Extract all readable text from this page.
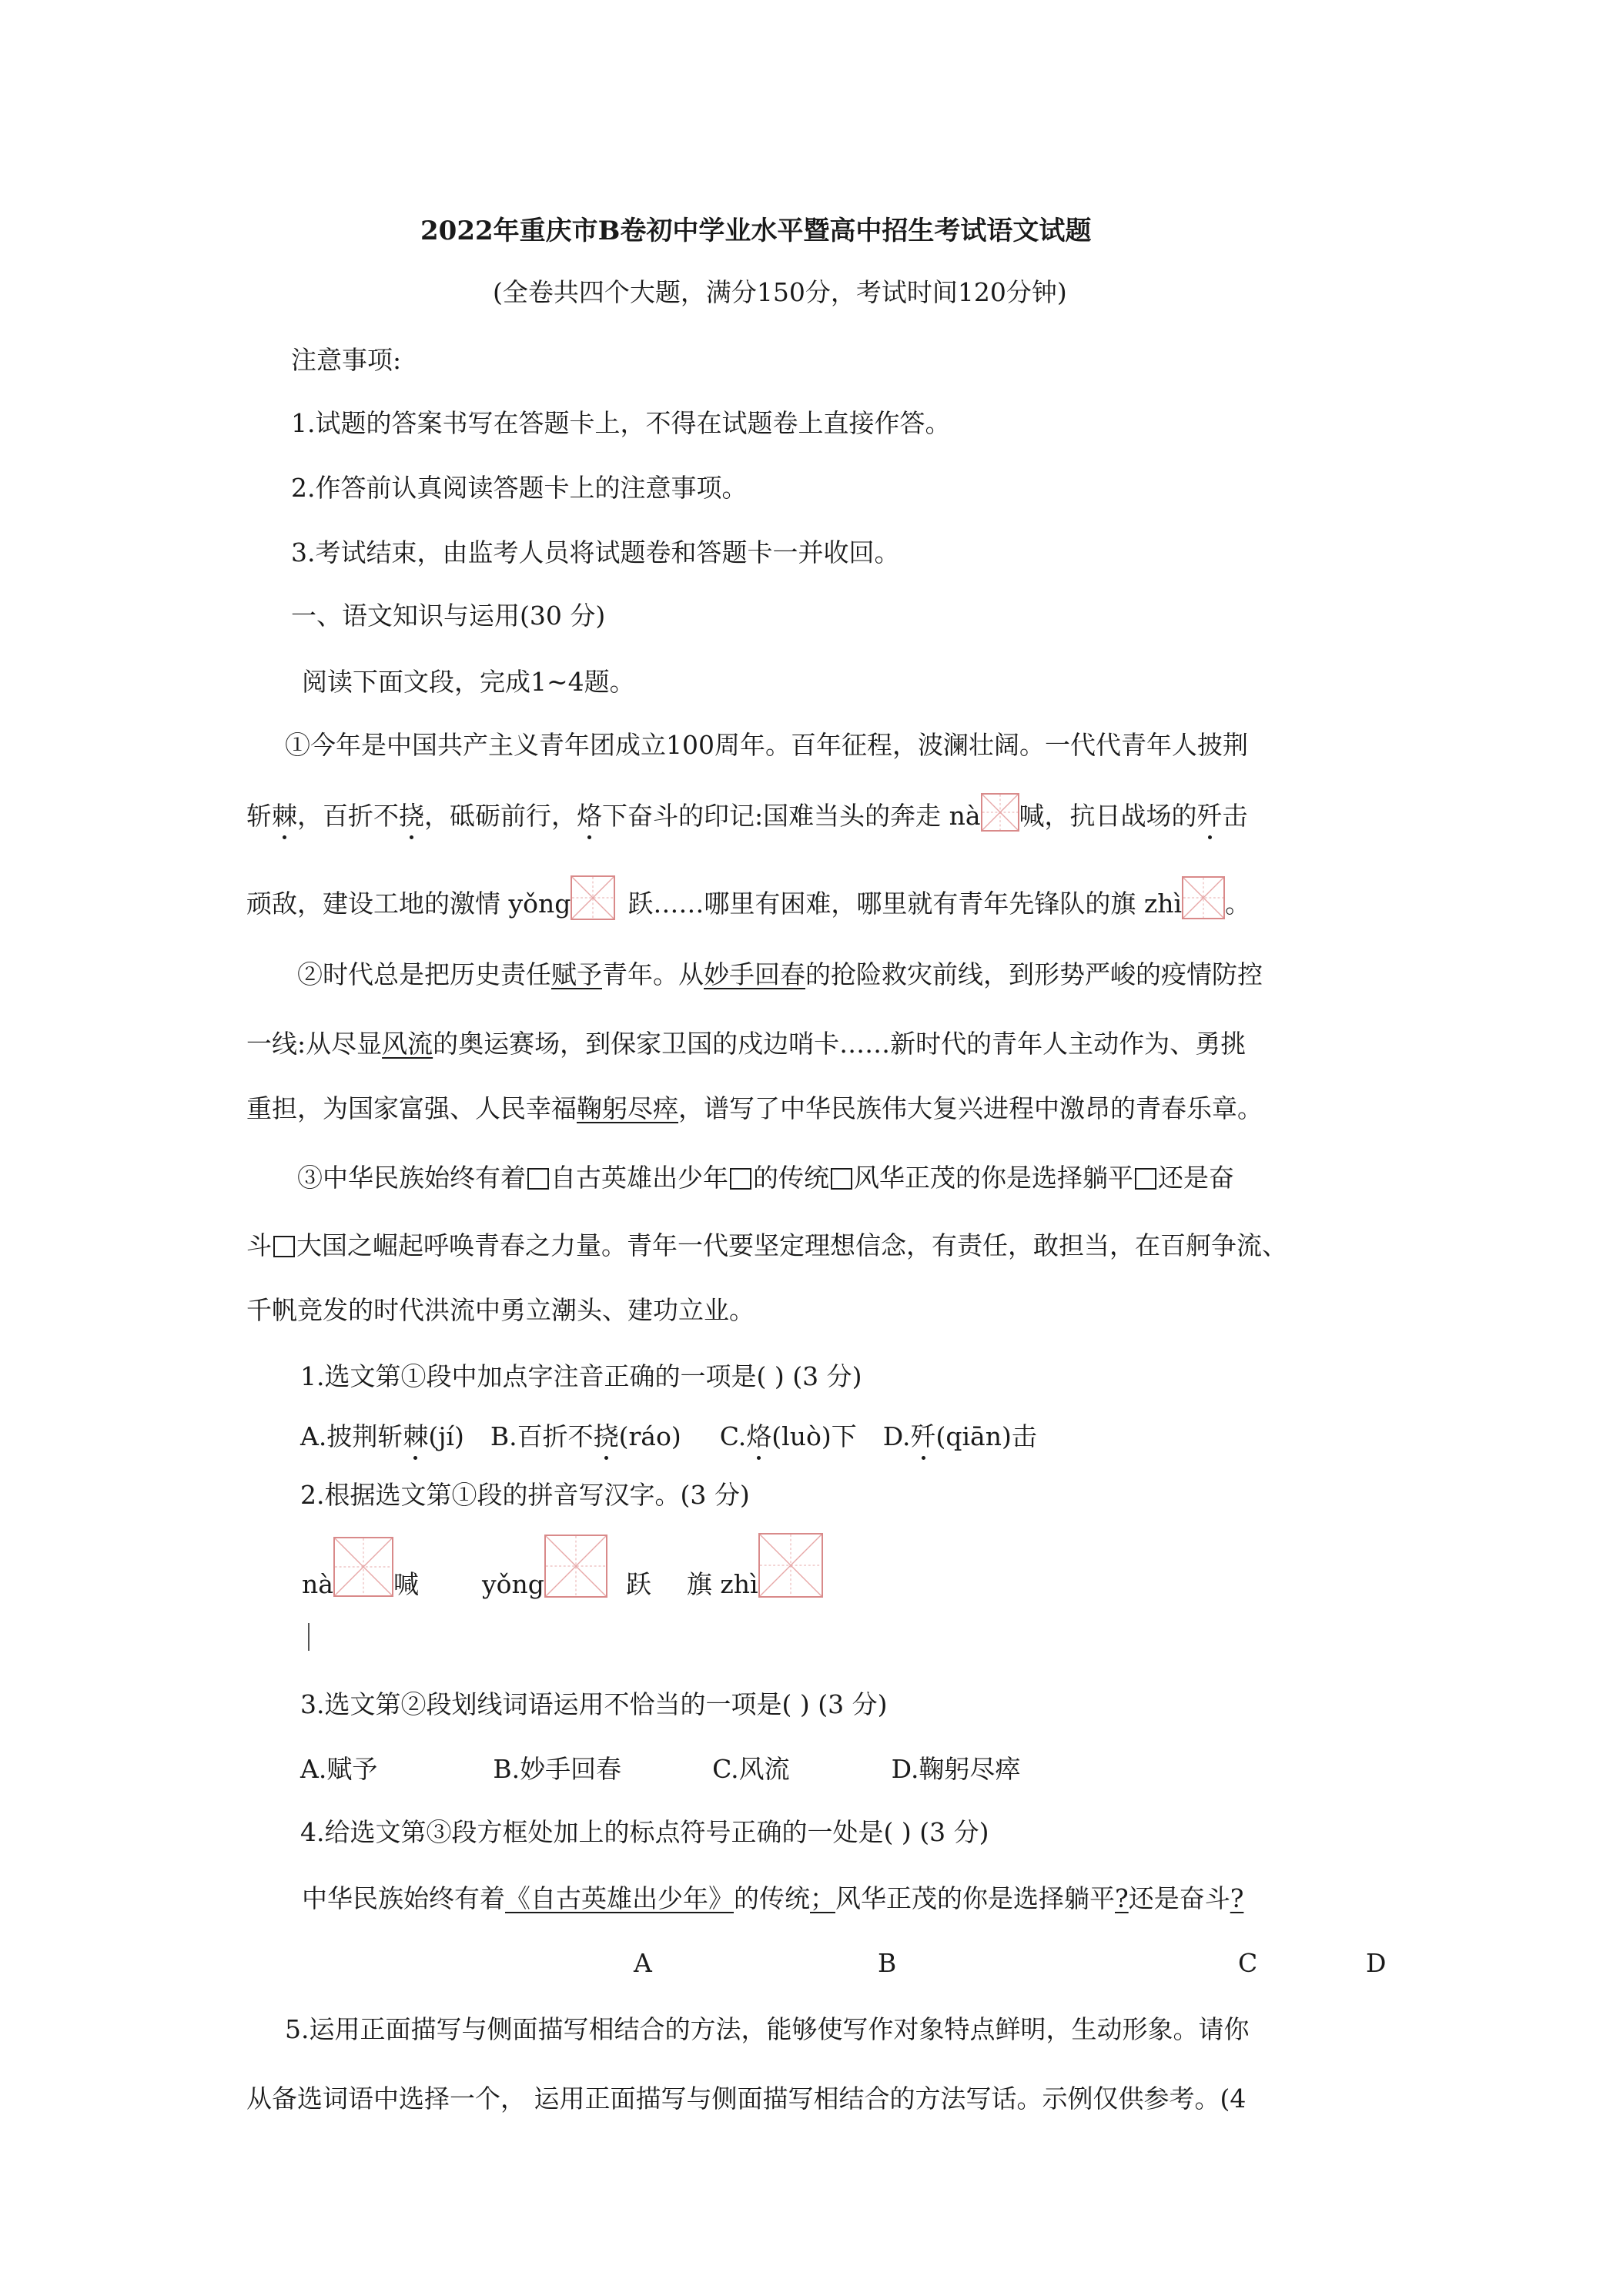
2022年重庆市B卷初中学业水平暨高中招生考试语文试题
(全卷共四个大题，满分150分，考试时间120分钟)
注意事项:
1.试题的答案书写在答题卡上，不得在试题卷上直接作答。
2.作答前认真阅读答题卡上的注意事项。
3.考试结束，由监考人员将试题卷和答题卡一并收回。
一、语文知识与运用(30 分)
阅读下面文段，完成1~4题。
①今年是中国共产主义青年团成立100周年。百年征程，波澜壮阔。一代代青年人披荆
斩棘，百折不挠，砥砺前行，烙下奋斗的印记:国难当头的奔走 nà 喊，抗日战场的歼击
顽敌，建设工地的激情 yǒng 跃……哪里有困难，哪里就有青年先锋队的旗 zhì 。
②时代总是把历史责任赋予青年。从妙手回春的抢险救灾前线，到形势严峻的疫情防控
一线:从尽显风流的奥运赛场，到保家卫国的戍边哨卡……新时代的青年人主动作为、勇挑
重担，为国家富强、人民幸福鞠躬尽瘁，谱写了中华民族伟大复兴进程中激昂的青春乐章。
③中华民族始终有着 自古英雄出少年 的传统 风华正茂的你是选择躺平 还是奋
斗 大国之崛起呼唤青春之力量。青年一代要坚定理想信念，有责任，敢担当，在百舸争流、
千帆竞发的时代洪流中勇立潮头、建功立业。
1.选文第①段中加点字注音正确的一项是( ) (3 分)
A.披荆斩棘(jí) B.百折不挠(ráo) C.烙(luò)下 D.歼(qiān)击
2.根据选文第①段的拼音写汉字。(3 分)
nà 喊 yǒng	跃 旗 zhì
3.选文第②段划线词语运用不恰当的一项是( ) (3 分)
A.赋予	B.妙手回春	C.风流	D.鞠躬尽瘁
4.给选文第③段方框处加上的标点符号正确的一处是( ) (3 分)
中华民族始终有着《自古英雄出少年》的传统；风华正茂的你是选择躺平?还是奋斗?
A	B	C	D
5.运用正面描写与侧面描写相结合的方法，能够使写作对象特点鲜明，生动形象。请你
从备选词语中选择一个， 运用正面描写与侧面描写相结合的方法写话。示例仅供参考。(4
